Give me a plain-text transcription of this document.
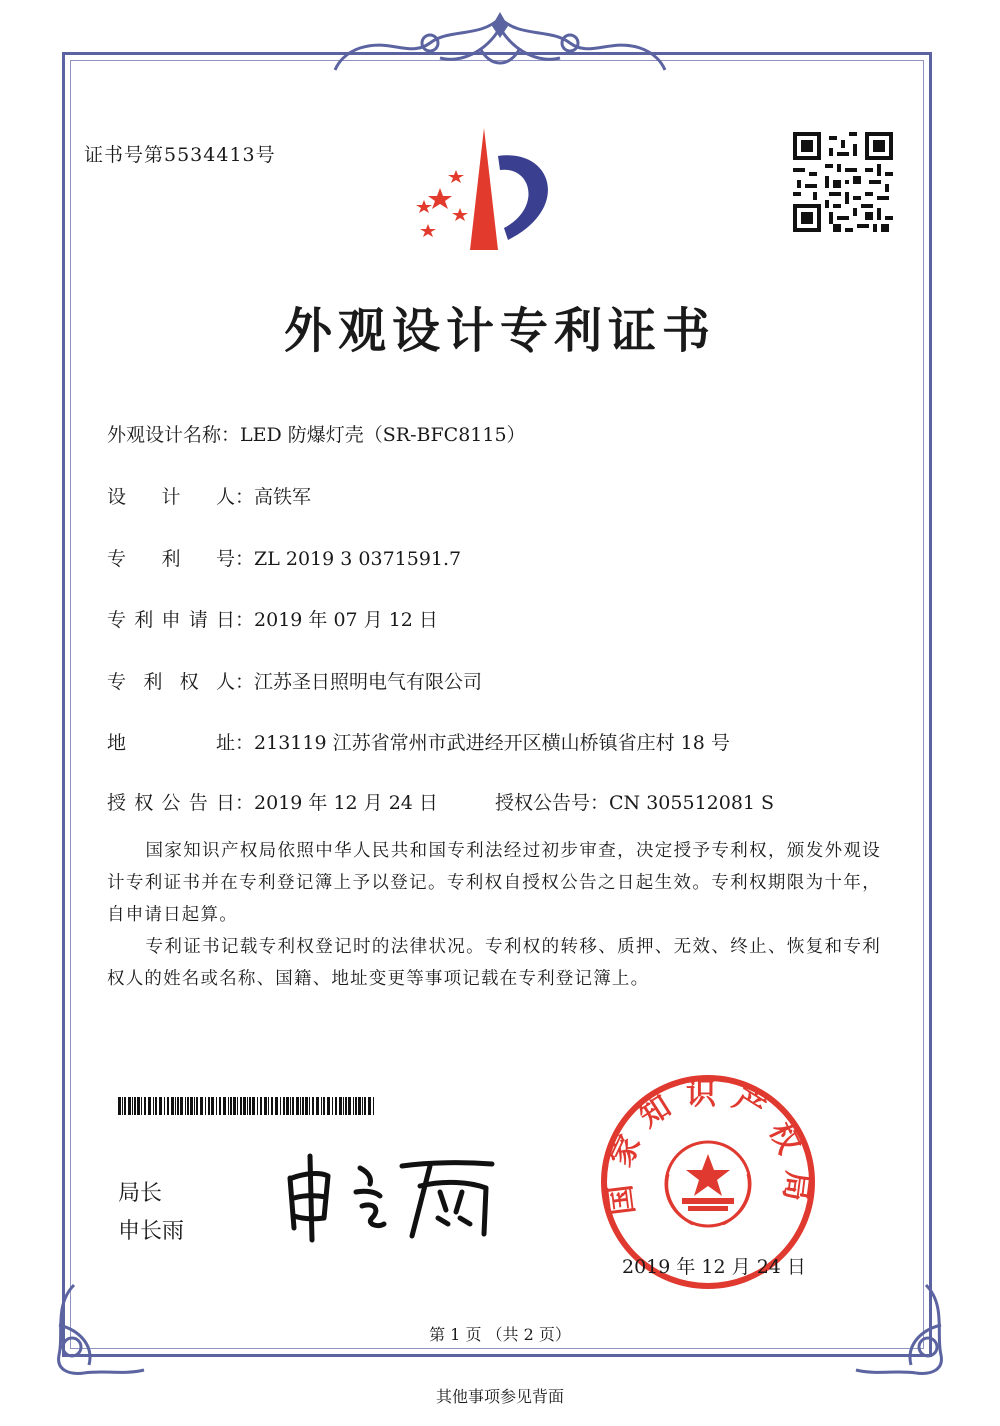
证书号第5534413号
外观设计专利证书
外观设计名称：LED 防爆灯壳（SR-BFC8115）
设计人：高铁军
专利号：ZL 2019 3 0371591.7
专利申请日：2019 年 07 月 12 日
专利权人：江苏圣日照明电气有限公司
地址：213119 江苏省常州市武进经开区横山桥镇省庄村 18 号
授权公告日：2019 年 12 月 24 日	授权公告号：CN 305512081 S

国家知识产权局依照中华人民共和国专利法经过初步审查，决定授予专利权，颁发外观设计专利证书并在专利登记簿上予以登记。专利权自授权公告之日起生效。专利权期限为十年，自申请日起算。

专利证书记载专利权登记时的法律状况。专利权的转移、质押、无效、终止、恢复和专利权人的姓名或名称、国籍、地址变更等事项记载在专利登记簿上。

局长
申长雨
国家知识产权局
2019 年 12 月 24 日
第 1 页 （共 2 页）
其他事项参见背面
